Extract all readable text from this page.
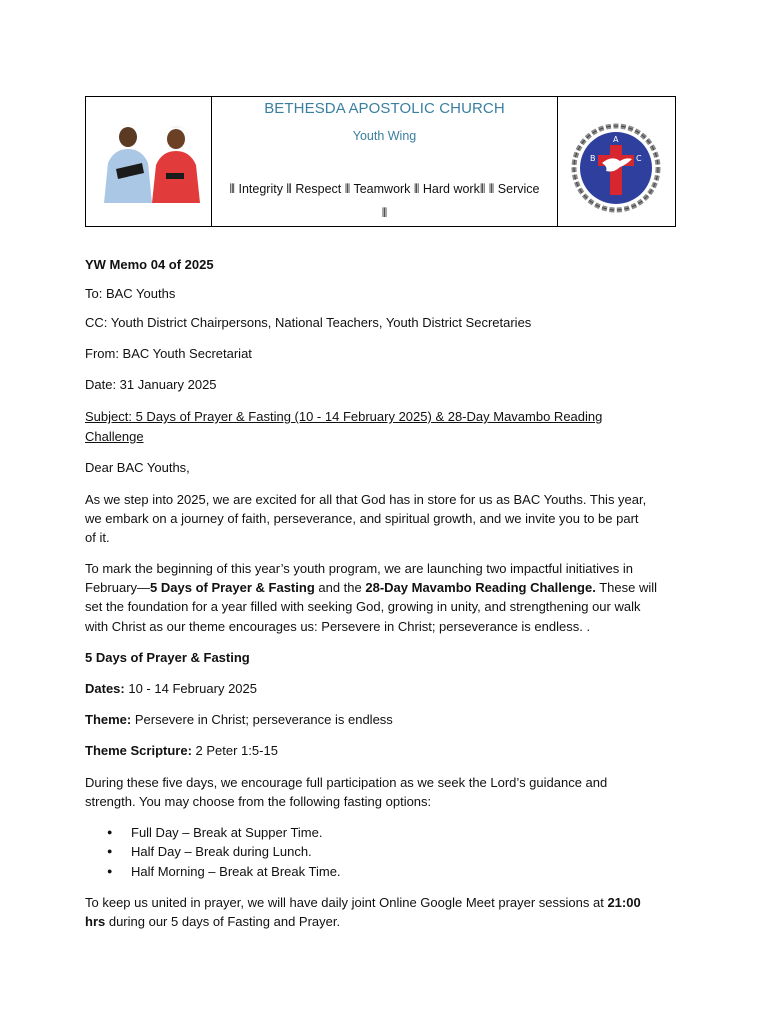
BETHESDA APOSTOLIC CHURCH
Youth Wing
⦀ Integrity ⦀ Respect ⦀ Teamwork ⦀ Hard work⦀ ⦀ Service ⦀
B
A
C
YW Memo 04 of 2025
To: BAC Youths
CC: Youth District Chairpersons, National Teachers, Youth District Secretaries
From: BAC Youth Secretariat
Date: 31 January 2025
Subject: 5 Days of Prayer & Fasting (10 - 14 February 2025) & 28-Day Mavambo Reading
Challenge
Dear BAC Youths,
As we step into 2025, we are excited for all that God has in store for us as BAC Youths. This year,
we embark on a journey of faith, perseverance, and spiritual growth, and we invite you to be part
of it.
To mark the beginning of this year’s youth program, we are launching two impactful initiatives in
February—5 Days of Prayer & Fasting and the 28-Day Mavambo Reading Challenge. These will
set the foundation for a year filled with seeking God, growing in unity, and strengthening our walk
with Christ as our theme encourages us: Persevere in Christ; perseverance is endless. .
5 Days of Prayer & Fasting
Dates: 10 - 14 February 2025
Theme: Persevere in Christ; perseverance is endless
Theme Scripture: 2 Peter 1:5-15
During these five days, we encourage full participation as we seek the Lord’s guidance and
strength. You may choose from the following fasting options:
● Full Day – Break at Supper Time.
● Half Day – Break during Lunch.
● Half Morning – Break at Break Time.
To keep us united in prayer, we will have daily joint Online Google Meet prayer sessions at 21:00
hrs during our 5 days of Fasting and Prayer.
